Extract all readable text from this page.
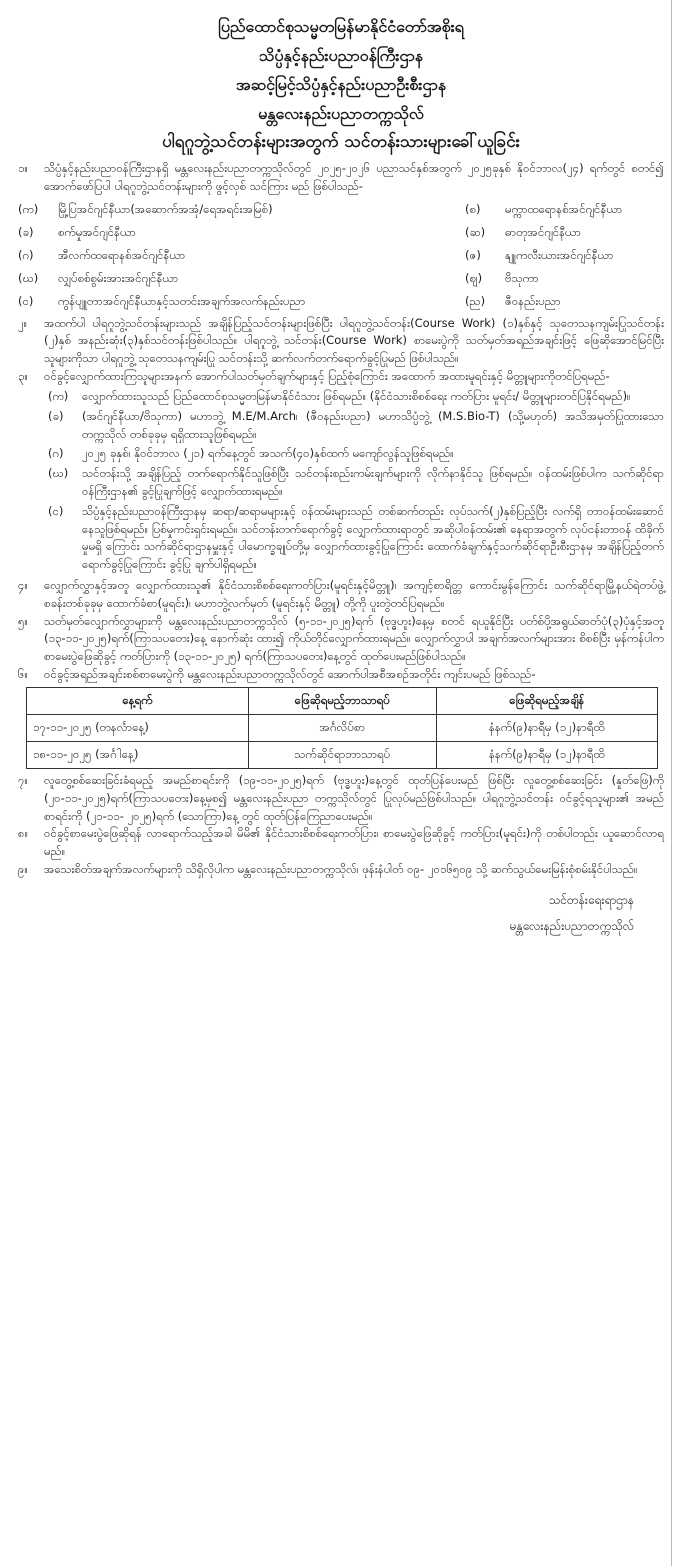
ပြည်ထောင်စုသမ္မတမြန်မာနိုင်ငံတော်အစိုးရ
သိပ္ပံနှင့်နည်းပညာဝန်ကြီးဌာန
အဆင့်မြင့်သိပ္ပံနှင့်နည်းပညာဦးစီးဌာန
မန္တလေးနည်းပညာတက္ကသိုလ်
ပါရဂူဘွဲ့သင်တန်းများအတွက် သင်တန်းသားများခေါ်ယူခြင်း
၁။	သိပ္ပံနှင့်နည်းပညာဝန်ကြီးဌာနရှိ မန္တလေးနည်းပညာတက္ကသိုလ်တွင် ၂၀၂၅-၂၀၂၆ ပညာသင်နှစ်အတွက် ၂၀၂၅ခုနှစ် နိုဝင်ဘာလ(၂၄) ရက်တွင် စတင်၍ အောက်ဖော်ပြပါ ပါရဂူဘွဲ့သင်တန်းများကို ဖွင့်လှစ် သင်ကြား မည် ဖြစ်ပါသည်-

(က)	မြို့ပြအင်ဂျင်နီယာ(အဆောက်အအုံ/ရေအရင်းအမြစ်)	(စ)	မက္ကာထရောနစ်အင်ဂျင်နီယာ
(ခ)	စက်မှုအင်ဂျင်နီယာ	(ဆ)	ဓာတုအင်ဂျင်နီယာ
(ဂ)	အီလက်ထရောနစ်အင်ဂျင်နီယာ	(ဇ)	နျူကလီးယားအင်ဂျင်နီယာ
(ဃ)	လျှပ်စစ်စွမ်းအားအင်ဂျင်နီယာ	(ဈ)	ဗိသုကာ
(င)	ကွန်ပျူတာအင်ဂျင်နီယာနှင့်သတင်းအချက်အလက်နည်းပညာ	(ည)	ဇီဝနည်းပညာ
၂။	အထက်ပါ ပါရဂူဘွဲ့သင်တန်းများသည် အချိန်ပြည့်သင်တန်းများဖြစ်ပြီး ပါရဂူဘွဲ့သင်တန်း(Course Work) (၁)နှစ်နှင့် သုတေသနကျမ်းပြုသင်တန်း (၂)နှစ် အနည်းဆုံး(၃)နှစ်သင်တန်းဖြစ်ပါသည်။ ပါရဂူဘွဲ့ သင်တန်း(Course Work) စာမေးပွဲကို သတ်မှတ်အရည်အချင်းဖြင့် ဖြေဆိုအောင်မြင်ပြီးသူများကိုသာ ပါရဂူဘွဲ့ သုတေသနကျမ်းပြု သင်တန်းသို့ ဆက်လက်တက်ရောက်ခွင့်ပြုမည် ဖြစ်ပါသည်။

၃။	ဝင်ခွင့်လျှောက်ထားကြသူများအနက် အောက်ပါသတ်မှတ်ချက်များနှင့် ပြည့်စုံကြောင်း အထောက် အထားမူရင်းနှင့် မိတ္တူများကိုတင်ပြရမည်-

(က)	လျှောက်ထားသူသည် ပြည်ထောင်စုသမ္မတမြန်မာနိုင်ငံသား ဖြစ်ရမည်။ (နိုင်ငံသားစိစစ်ရေး ကတ်ပြား မူရင်း/ မိတ္တူများတင်ပြနိုင်ရမည်)။

(ခ)	(အင်ဂျင်နီယာ/ဗိသုကာ) မဟာဘွဲ့ M.E/M.Arch၊ (ဇီဝနည်းပညာ) မဟာသိပ္ပံဘွဲ့ (M.S.Bio-T) (သို့မဟုတ်) အသိအမှတ်ပြုထားသော တက္ကသိုလ် တစ်ခုခုမှ ရရှိထားသူဖြစ်ရမည်။

(ဂ)	၂၀၂၅ ခုနှစ်၊ နိုဝင်ဘာလ (၂၁) ရက်နေ့တွင် အသက်(၄၀)နှစ်ထက် မကျော်လွန်သူဖြစ်ရမည်။

(ဃ)	သင်တန်းသို့ အချိန်ပြည့် တက်ရောက်နိုင်သူဖြစ်ပြီး သင်တန်းစည်းကမ်းချက်များကို လိုက်နာနိုင်သူ ဖြစ်ရမည်။ ဝန်ထမ်းဖြစ်ပါက သက်ဆိုင်ရာဝန်ကြီးဌာန၏ ခွင့်ပြုချက်ဖြင့် လျှောက်ထားရမည်။

(င)	သိပ္ပံနှင့်နည်းပညာဝန်ကြီးဌာနမှ ဆရာ/ဆရာမများနှင့် ဝန်ထမ်းများသည် တစ်ဆက်တည်း လုပ်သက်(၂)နှစ်ပြည့်ပြီး လက်ရှိ တာဝန်ထမ်းဆောင်နေသူဖြစ်ရမည်။ ပြစ်မှုကင်းရှင်းရမည်။ သင်တန်းတက်ရောက်ခွင့် လျှောက်ထားရာတွင် အဆိုပါဝန်ထမ်း၏ နေရာအတွက် လုပ်ငန်းတာဝန် ထိခိုက်မှုမရှိ ကြောင်း သက်ဆိုင်ရာဌာနမှူးနှင့် ပါမောက္ခချုပ်တို့မှ လျှောက်ထားခွင့်ပြုကြောင်း ထောက်ခံချက်နှင့်သက်ဆိုင်ရာဦးစီးဌာနမှ အချိန်ပြည့်တက်ရောက်ခွင့်ပြုကြောင်း ခွင့်ပြု ချက်ပါရှိရမည်။

၄။	လျှောက်လွှာနှင့်အတူ လျှောက်ထားသူ၏ နိုင်ငံသားစိစစ်ရေးကတ်ပြား(မူရင်းနှင့်မိတ္တူ)၊ အကျင့်စာရိတ္တ ကောင်းမွန်ကြောင်း သက်ဆိုင်ရာမြို့နယ်ရဲတပ်ဖွဲ့စခန်းတစ်ခုခုမှ ထောက်ခံစာ(မူရင်း)၊ မဟာဘွဲ့လက်မှတ် (မူရင်းနှင့် မိတ္တူ) တို့ကို ပူးတွဲတင်ပြရမည်။

၅။	သတ်မှတ်လျှောက်လွှာများကို မန္တလေးနည်းပညာတက္ကသိုလ် (၅-၁၁-၂၀၂၅)ရက် (ဗုဒ္ဓဟူး)နေ့မှ စတင် ရယူနိုင်ပြီး ပတ်စ်ပို့အရွယ်ဓာတ်ပုံ(၃)ပုံနှင့်အတူ (၁၃-၁၁-၂၀၂၅)ရက်(ကြာသပတေး)နေ့ နောက်ဆုံး ထား၍ ကိုယ်တိုင်လျှောက်ထားရမည်။ လျှောက်လွှာပါ အချက်အလက်များအား စိစစ်ပြီး မှန်ကန်ပါက စာမေးပွဲဖြေဆိုခွင့် ကတ်ပြားကို (၁၃-၁၁-၂၀၂၅) ရက်(ကြာသပတေး)နေ့တွင် ထုတ်ပေးမည်ဖြစ်ပါသည်။

၆။	ဝင်ခွင့်အရည်အချင်းစစ်စာမေးပွဲကို မန္တလေးနည်းပညာတက္ကသိုလ်တွင် အောက်ပါအစီအစဉ်အတိုင်း ကျင်းပမည် ဖြစ်သည်-

နေ့ရက်	ဖြေဆိုရမည့်ဘာသာရပ်	ဖြေဆိုရမည့်အချိန်
၁၇-၁၁-၂၀၂၅ (တနင်္လာနေ့)	အင်္ဂလိပ်စာ	နံနက်(၉)နာရီမှ (၁၂)နာရီထိ
၁၈-၁၁-၂၀၂၅ (အင်္ဂါနေ့)	သက်ဆိုင်ရာဘာသာရပ်	နံနက်(၉)နာရီမှ (၁၂)နာရီထိ
၇။	လူတွေ့စစ်ဆေးခြင်းခံရမည့် အမည်စာရင်းကို (၁၉-၁၁-၂၀၂၅)ရက် (ဗုဒ္ဓဟူး)နေ့တွင် ထုတ်ပြန်ပေးမည် ဖြစ်ပြီး လူတွေ့စစ်ဆေးခြင်း (နှုတ်ဖြေ)ကို (၂၀-၁၁-၂၀၂၅)ရက်(ကြာသပတေး)နေ့မှစ၍ မန္တလေးနည်းပညာ တက္ကသိုလ်တွင် ပြုလုပ်မည်ဖြစ်ပါသည်။ ပါရဂူဘွဲ့သင်တန်း ဝင်ခွင့်ရသူများ၏ အမည်စာရင်းကို (၂၁-၁၁- ၂၀၂၅)ရက် (သောကြာ)နေ့ တွင် ထုတ်ပြန်ကြေညာပေးမည်။

၈။	ဝင်ခွင့်စာမေးပွဲဖြေဆိုရန် လာရောက်သည့်အခါ မိမိ၏ နိုင်ငံသားစိစစ်ရေးကတ်ပြား၊ စာမေးပွဲဖြေဆိုခွင့် ကတ်ပြား(မူရင်း)ကို တစ်ပါတည်း ယူဆောင်လာရမည်။

၉။	အသေးစိတ်အချက်အလက်များကို သိရှိလိုပါက မန္တလေးနည်းပညာတက္ကသိုလ်၊ ဖုန်းနံပါတ် ၀၉- ၂၀၁၆၅၀၉ သို့ ဆက်သွယ်မေးမြန်းစုံစမ်းနိုင်ပါသည်။

သင်တန်းရေးရာဌာန
မန္တလေးနည်းပညာတက္ကသိုလ်
